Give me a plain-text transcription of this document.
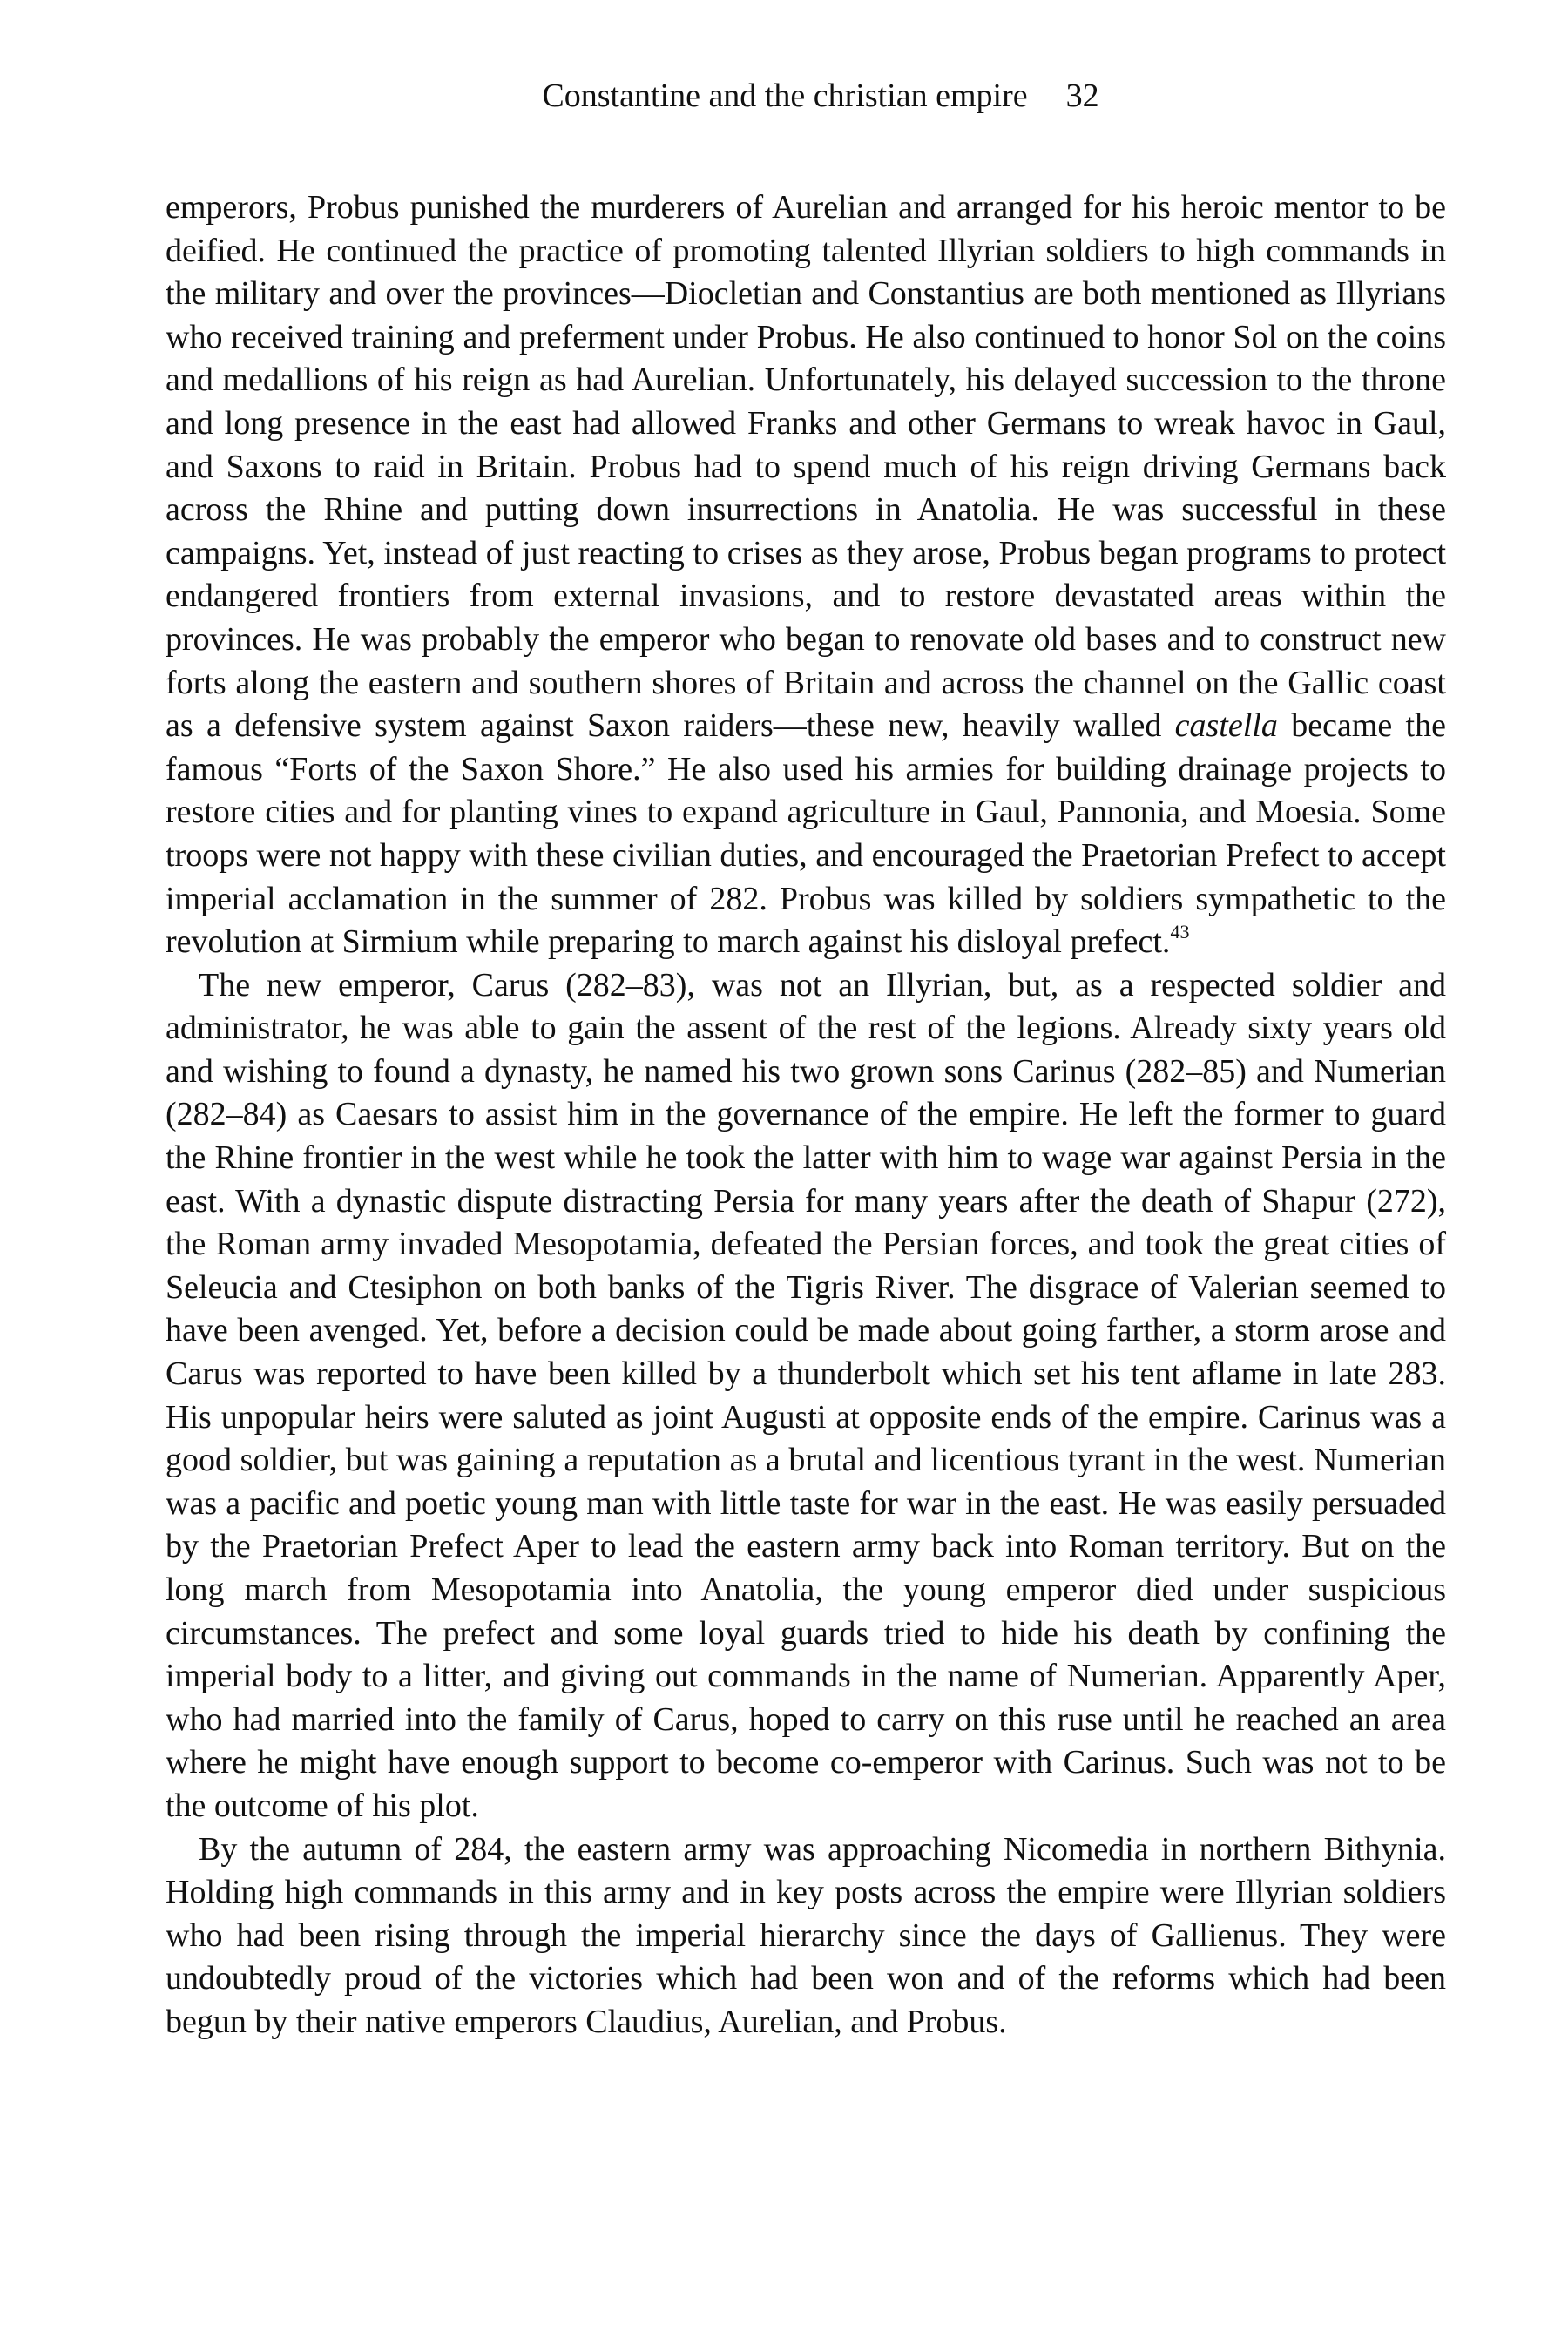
Constantine and the christian empire 32

emperors, Probus punished the murderers of Aurelian and arranged for his heroic mentor to be deified. He continued the practice of promoting talented Illyrian soldiers to high commands in the military and over the provinces—Diocletian and Constantius are both mentioned as Illyrians who received training and preferment under Probus. He also continued to honor Sol on the coins and medallions of his reign as had Aurelian. Unfortunately, his delayed succession to the throne and long presence in the east had allowed Franks and other Germans to wreak havoc in Gaul, and Saxons to raid in Britain. Probus had to spend much of his reign driving Germans back across the Rhine and putting down insurrections in Anatolia. He was successful in these campaigns. Yet, instead of just reacting to crises as they arose, Probus began programs to protect endangered frontiers from external invasions, and to restore devastated areas within the provinces. He was probably the emperor who began to renovate old bases and to construct new forts along the eastern and southern shores of Britain and across the channel on the Gallic coast as a defensive system against Saxon raiders—these new, heavily walled castella became the famous “Forts of the Saxon Shore.” He also used his armies for building drainage projects to restore cities and for planting vines to expand agriculture in Gaul, Pannonia, and Moesia. Some troops were not happy with these civilian duties, and encouraged the Praetorian Prefect to accept imperial acclamation in the summer of 282. Probus was killed by soldiers sympathetic to the revolution at Sirmium while preparing to march against his disloyal prefect.$^{43}$

The new emperor, Carus (282–83), was not an Illyrian, but, as a respected soldier and administrator, he was able to gain the assent of the rest of the legions. Already sixty years old and wishing to found a dynasty, he named his two grown sons Carinus (282–85) and Numerian (282–84) as Caesars to assist him in the governance of the empire. He left the former to guard the Rhine frontier in the west while he took the latter with him to wage war against Persia in the east. With a dynastic dispute distracting Persia for many years after the death of Shapur (272), the Roman army invaded Mesopotamia, defeated the Persian forces, and took the great cities of Seleucia and Ctesiphon on both banks of the Tigris River. The disgrace of Valerian seemed to have been avenged. Yet, before a decision could be made about going farther, a storm arose and Carus was reported to have been killed by a thunderbolt which set his tent aflame in late 283. His unpopular heirs were saluted as joint Augusti at opposite ends of the empire. Carinus was a good soldier, but was gaining a reputation as a brutal and licentious tyrant in the west. Numerian was a pacific and poetic young man with little taste for war in the east. He was easily persuaded by the Praetorian Prefect Aper to lead the eastern army back into Roman territory. But on the long march from Mesopotamia into Anatolia, the young emperor died under suspicious circumstances. The prefect and some loyal guards tried to hide his death by confining the imperial body to a litter, and giving out commands in the name of Numerian. Apparently Aper, who had married into the family of Carus, hoped to carry on this ruse until he reached an area where he might have enough support to become co-emperor with Carinus. Such was not to be the outcome of his plot.

By the autumn of 284, the eastern army was approaching Nicomedia in northern Bithynia. Holding high commands in this army and in key posts across the empire were Illyrian soldiers who had been rising through the imperial hierarchy since the days of Gallienus. They were undoubtedly proud of the victories which had been won and of the reforms which had been begun by their native emperors Claudius, Aurelian, and Probus.
